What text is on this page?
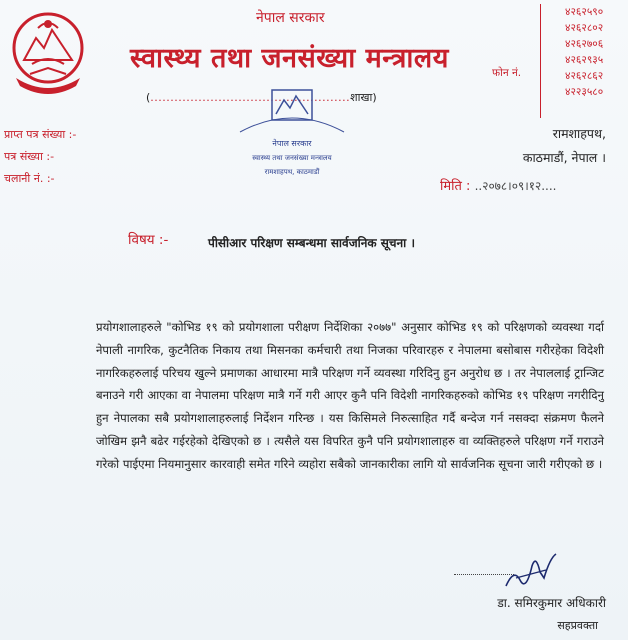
नेपाल सरकार
स्वास्थ्य तथा जनसंख्या मन्त्रालय
(..................................................शाखा)
फोन नं.
४२६२५९०
४२६२८०२
४२६२७०६
४२६२९३५
४२६२८६२
४२२३५८०
प्राप्त पत्र संख्या :-
पत्र संख्या :-
चलानी नं. :-
नेपाल सरकार
स्वास्थ्य तथा जनसंख्या मन्त्रालय
रामशाहपथ, काठमाडौं
रामशाहपथ,
काठमाडौं, नेपाल ।
मिति : ..२०७८।०९।१२....
विषय :-	पीसीआर परिक्षण सम्बन्धमा सार्वजनिक सूचना ।
प्रयोगशालाहरुले "कोभिड १९ को प्रयोगशाला परीक्षण निर्देशिका २०७७" अनुसार कोभिड १९ को परिक्षणको व्यवस्था गर्दा नेपाली नागरिक, कुटनैतिक निकाय तथा मिसनका कर्मचारी तथा निजका परिवारहरु र नेपालमा बसोबास गरीरहेका विदेशी नागरिकहरुलाई परिचय खुल्ने प्रमाणका आधारमा मात्रै परिक्षण गर्ने व्यवस्था गरिदिनु हुन अनुरोध छ । तर नेपाललाई ट्रान्जिट बनाउने गरी आएका वा नेपालमा परिक्षण मात्रै गर्ने गरी आएर कुनै पनि विदेशी नागरिकहरुको कोभिड १९ परिक्षण नगरीदिनु हुन नेपालका सबै प्रयोगशालाहरुलाई निर्देशन गरिन्छ । यस किसिमले निरुत्साहित गर्दै बन्देज गर्न नसक्दा संक्रमण फैलने जोखिम झनै बढेर गईरहेको देखिएको छ । त्यसैले यस विपरित कुनै पनि प्रयोगशालाहरु वा व्यक्तिहरुले परिक्षण गर्ने गराउने गरेको पाईएमा नियमानुसार कारवाही समेत गरिने व्यहोरा सबैको जानकारीका लागि यो सार्वजनिक सूचना जारी गरीएको छ ।
डा. समिरकुमार अधिकारी
सहप्रवक्ता
